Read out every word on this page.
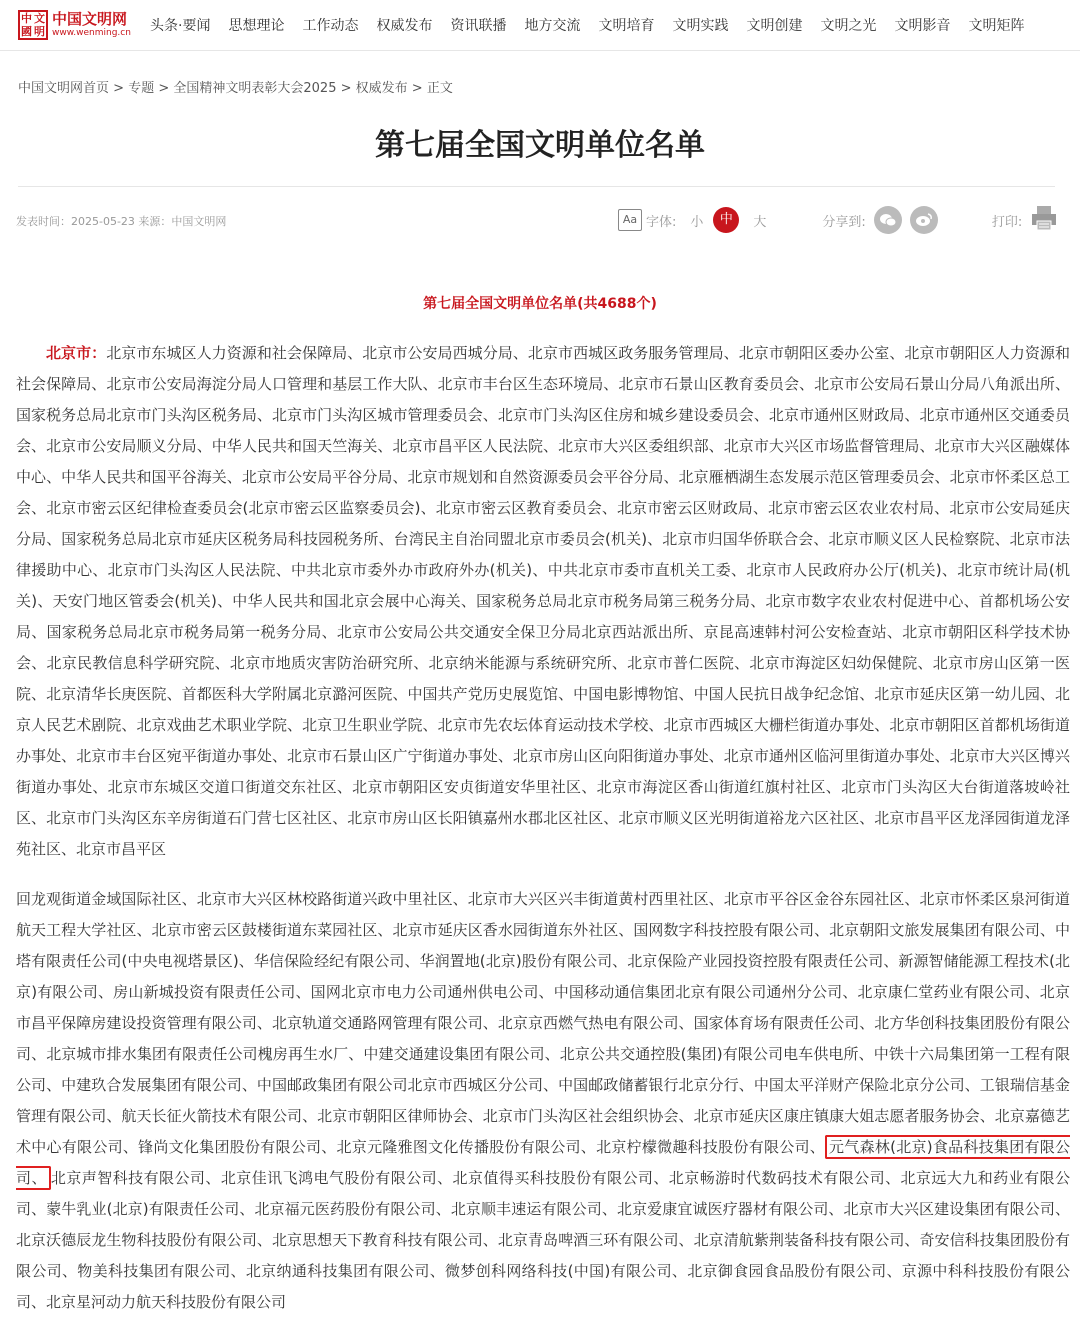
中 文
國 明
中国文明网
www.wenming.cn 头条·要闻 思想理论 工作动态 权威发布 资讯联播 地方交流 文明培育 文明实践 文明创建 文明之光 文明影音 文明矩阵
中国文明网首页 > 专题 > 全国精神文明表彰大会2025 > 权威发布 > 正文
第七届全国文明单位名单
发表时间：2025-05-23 来源：中国文明网	Aa 字体: 小	中	大	分享到:	打印:
第七届全国文明单位名单(共4688个)
北京市：北京市东城区人力资源和社会保障局、北京市公安局西城分局、北京市西城区政务服务管理局、北京市朝阳区委办公室、北京市朝阳区人力资源和社会保障局、北京市公安局海淀分局人口管理和基层工作大队、北京市丰台区生态环境局、北京市石景山区教育委员会、北京市公安局石景山分局八角派出所、国家税务总局北京市门头沟区税务局、北京市门头沟区城市管理委员会、北京市门头沟区住房和城乡建设委员会、北京市通州区财政局、北京市通州区交通委员会、北京市公安局顺义分局、中华人民共和国天竺海关、北京市昌平区人民法院、北京市大兴区委组织部、北京市大兴区市场监督管理局、北京市大兴区融媒体中心、中华人民共和国平谷海关、北京市公安局平谷分局、北京市规划和自然资源委员会平谷分局、北京雁栖湖生态发展示范区管理委员会、北京市怀柔区总工会、北京市密云区纪律检查委员会(北京市密云区监察委员会)、北京市密云区教育委员会、北京市密云区财政局、北京市密云区农业农村局、北京市公安局延庆分局、国家税务总局北京市延庆区税务局科技园税务所、台湾民主自治同盟北京市委员会(机关)、北京市归国华侨联合会、北京市顺义区人民检察院、北京市法律援助中心、北京市门头沟区人民法院、中共北京市委外办市政府外办(机关)、中共北京市委市直机关工委、北京市人民政府办公厅(机关)、北京市统计局(机关)、天安门地区管委会(机关)、中华人民共和国北京会展中心海关、国家税务总局北京市税务局第三税务分局、北京市数字农业农村促进中心、首都机场公安局、国家税务总局北京市税务局第一税务分局、北京市公安局公共交通安全保卫分局北京西站派出所、京昆高速韩村河公安检查站、北京市朝阳区科学技术协会、北京民教信息科学研究院、北京市地质灾害防治研究所、北京纳米能源与系统研究所、北京市普仁医院、北京市海淀区妇幼保健院、北京市房山区第一医院、北京清华长庚医院、首都医科大学附属北京潞河医院、中国共产党历史展览馆、中国电影博物馆、中国人民抗日战争纪念馆、北京市延庆区第一幼儿园、北京人民艺术剧院、北京戏曲艺术职业学院、北京卫生职业学院、北京市先农坛体育运动技术学校、北京市西城区大栅栏街道办事处、北京市朝阳区首都机场街道办事处、北京市丰台区宛平街道办事处、北京市石景山区广宁街道办事处、北京市房山区向阳街道办事处、北京市通州区临河里街道办事处、北京市大兴区博兴街道办事处、北京市东城区交道口街道交东社区、北京市朝阳区安贞街道安华里社区、北京市海淀区香山街道红旗村社区、北京市门头沟区大台街道落坡岭社区、北京市门头沟区东辛房街道石门营七区社区、北京市房山区长阳镇嘉州水郡北区社区、北京市顺义区光明街道裕龙六区社区、北京市昌平区龙泽园街道龙泽苑社区、北京市昌平区
回龙观街道金域国际社区、北京市大兴区林校路街道兴政中里社区、北京市大兴区兴丰街道黄村西里社区、北京市平谷区金谷东园社区、北京市怀柔区泉河街道航天工程大学社区、北京市密云区鼓楼街道东菜园社区、北京市延庆区香水园街道东外社区、国网数字科技控股有限公司、北京朝阳文旅发展集团有限公司、中塔有限责任公司(中央电视塔景区)、华信保险经纪有限公司、华润置地(北京)股份有限公司、北京保险产业园投资控股有限责任公司、新源智储能源工程技术(北京)有限公司、房山新城投资有限责任公司、国网北京市电力公司通州供电公司、中国移动通信集团北京有限公司通州分公司、北京康仁堂药业有限公司、北京市昌平保障房建设投资管理有限公司、北京轨道交通路网管理有限公司、北京京西燃气热电有限公司、国家体育场有限责任公司、北方华创科技集团股份有限公司、北京城市排水集团有限责任公司槐房再生水厂、中建交通建设集团有限公司、北京公共交通控股(集团)有限公司电车供电所、中铁十六局集团第一工程有限公司、中建玖合发展集团有限公司、中国邮政集团有限公司北京市西城区分公司、中国邮政储蓄银行北京分行、中国太平洋财产保险北京分公司、工银瑞信基金管理有限公司、航天长征火箭技术有限公司、北京市朝阳区律师协会、北京市门头沟区社会组织协会、北京市延庆区康庄镇康大姐志愿者服务协会、北京嘉德艺术中心有限公司、锋尚文化集团股份有限公司、北京元隆雅图文化传播股份有限公司、北京柠檬微趣科技股份有限公司、 元气森林(北京)食品科技集团有限公司、 北京声智科技有限公司、北京佳讯飞鸿电气股份有限公司、北京值得买科技股份有限公司、北京畅游时代数码技术有限公司、北京远大九和药业有限公司、蒙牛乳业(北京)有限责任公司、北京福元医药股份有限公司、北京顺丰速运有限公司、北京爱康宜诚医疗器材有限公司、北京市大兴区建设集团有限公司、北京沃德辰龙生物科技股份有限公司、北京思想天下教育科技有限公司、北京青岛啤酒三环有限公司、北京清航紫荆装备科技有限公司、奇安信科技集团股份有限公司、物美科技集团有限公司、北京纳通科技集团有限公司、微梦创科网络科技(中国)有限公司、北京御食园食品股份有限公司、京源中科科技股份有限公司、北京星河动力航天科技股份有限公司
